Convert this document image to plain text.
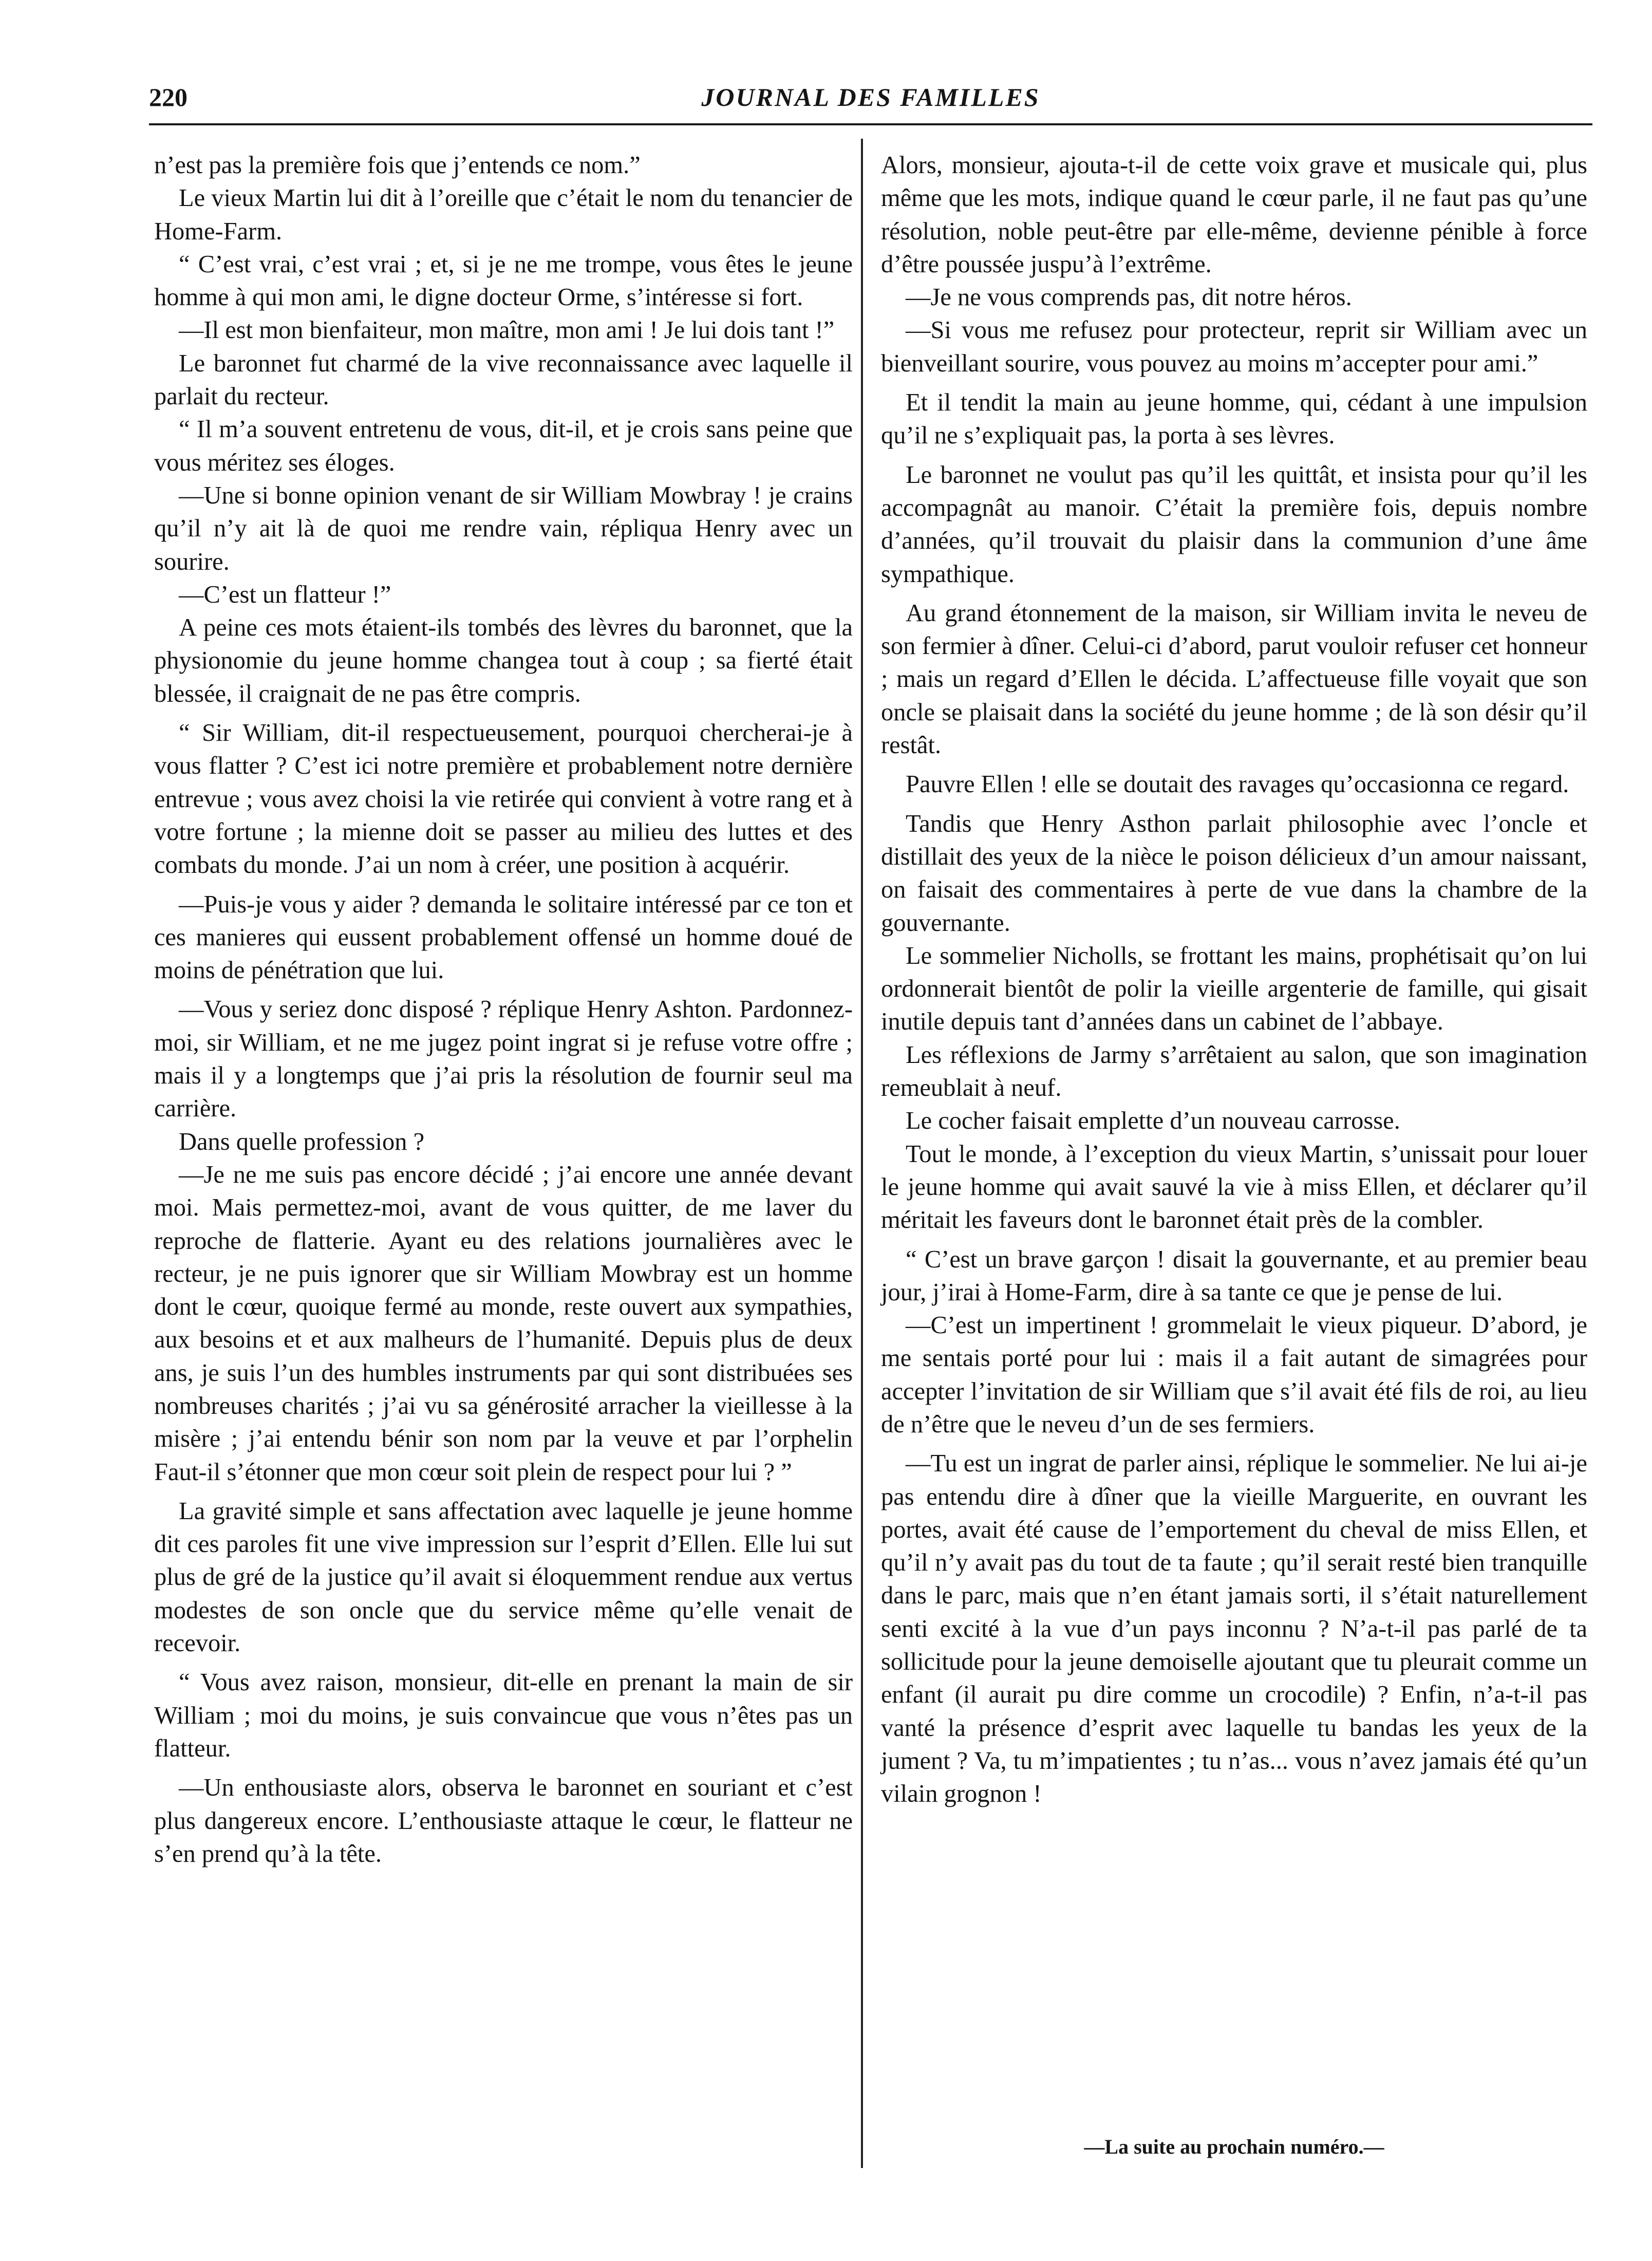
220	JOURNAL DES FAMILLES

n’est pas la première fois que j’entends ce nom.”

Le vieux Martin lui dit à l’oreille que c’était le nom du tenancier de Home-Farm.

“ C’est vrai, c’est vrai ; et, si je ne me trompe, vous êtes le jeune homme à qui mon ami, le digne docteur Orme, s’intéresse si fort.

—Il est mon bienfaiteur, mon maître, mon ami ! Je lui dois tant !”

Le baronnet fut charmé de la vive reconnaissance avec laquelle il parlait du recteur.

“ Il m’a souvent entretenu de vous, dit-il, et je crois sans peine que vous méritez ses éloges.

—Une si bonne opinion venant de sir William Mowbray ! je crains qu’il n’y ait là de quoi me rendre vain, répliqua Henry avec un sourire.

—C’est un flatteur !”

A peine ces mots étaient-ils tombés des lèvres du baronnet, que la physionomie du jeune homme changea tout à coup ; sa fierté était blessée, il craignait de ne pas être compris.

“ Sir William, dit-il respectueusement, pourquoi chercherai-je à vous flatter ? C’est ici notre première et probablement notre dernière entrevue ; vous avez choisi la vie retirée qui convient à votre rang et à votre fortune ; la mienne doit se passer au milieu des luttes et des combats du monde. J’ai un nom à créer, une position à acquérir.

—Puis-je vous y aider ? demanda le solitaire intéressé par ce ton et ces manieres qui eussent probablement offensé un homme doué de moins de pénétration que lui.

—Vous y seriez donc disposé ? réplique Henry Ashton. Pardonnez-moi, sir William, et ne me jugez point ingrat si je refuse votre offre ; mais il y a longtemps que j’ai pris la résolution de fournir seul ma carrière.

Dans quelle profession ?

—Je ne me suis pas encore décidé ; j’ai encore une année devant moi. Mais permettez-moi, avant de vous quitter, de me laver du reproche de flatterie. Ayant eu des relations journalières avec le recteur, je ne puis ignorer que sir William Mowbray est un homme dont le cœur, quoique fermé au monde, reste ouvert aux sympathies, aux besoins et et aux malheurs de l’humanité. Depuis plus de deux ans, je suis l’un des humbles instruments par qui sont distribuées ses nombreuses charités ; j’ai vu sa générosité arracher la vieillesse à la misère ; j’ai entendu bénir son nom par la veuve et par l’orphelin Faut-il s’étonner que mon cœur soit plein de respect pour lui ? ”

La gravité simple et sans affectation avec laquelle je jeune homme dit ces paroles fit une vive impression sur l’esprit d’Ellen. Elle lui sut plus de gré de la justice qu’il avait si éloquemment rendue aux vertus modestes de son oncle que du service même qu’elle venait de recevoir.

“ Vous avez raison, monsieur, dit-elle en prenant la main de sir William ; moi du moins, je suis convaincue que vous n’êtes pas un flatteur.

—Un enthousiaste alors, observa le baronnet en souriant et c’est plus dangereux encore. L’enthousiaste attaque le cœur, le flatteur ne s’en prend qu’à la tête.

Alors, monsieur, ajouta-t-il de cette voix grave et musicale qui, plus même que les mots, indique quand le cœur parle, il ne faut pas qu’une résolution, noble peut-être par elle-même, devienne pénible à force d’être poussée juspu’à l’extrême.

—Je ne vous comprends pas, dit notre héros.

—Si vous me refusez pour protecteur, reprit sir William avec un bienveillant sourire, vous pouvez au moins m’accepter pour ami.”

Et il tendit la main au jeune homme, qui, cédant à une impulsion qu’il ne s’expliquait pas, la porta à ses lèvres.

Le baronnet ne voulut pas qu’il les quittât, et insista pour qu’il les accompagnât au manoir. C’était la première fois, depuis nombre d’années, qu’il trouvait du plaisir dans la communion d’une âme sympathique.

Au grand étonnement de la maison, sir William invita le neveu de son fermier à dîner. Celui-ci d’abord, parut vouloir refuser cet honneur ; mais un regard d’Ellen le décida. L’affectueuse fille voyait que son oncle se plaisait dans la société du jeune homme ; de là son désir qu’il restât.

Pauvre Ellen ! elle se doutait des ravages qu’occasionna ce regard.

Tandis que Henry Asthon parlait philosophie avec l’oncle et distillait des yeux de la nièce le poison délicieux d’un amour naissant, on faisait des commentaires à perte de vue dans la chambre de la gouvernante.

Le sommelier Nicholls, se frottant les mains, prophétisait qu’on lui ordonnerait bientôt de polir la vieille argenterie de famille, qui gisait inutile depuis tant d’années dans un cabinet de l’abbaye.

Les réflexions de Jarmy s’arrêtaient au salon, que son imagination remeublait à neuf.

Le cocher faisait emplette d’un nouveau carrosse.

Tout le monde, à l’exception du vieux Martin, s’unissait pour louer le jeune homme qui avait sauvé la vie à miss Ellen, et déclarer qu’il méritait les faveurs dont le baronnet était près de la combler.

“ C’est un brave garçon ! disait la gouvernante, et au premier beau jour, j’irai à Home-Farm, dire à sa tante ce que je pense de lui.

—C’est un impertinent ! grommelait le vieux piqueur. D’abord, je me sentais porté pour lui : mais il a fait autant de simagrées pour accepter l’invitation de sir William que s’il avait été fils de roi, au lieu de n’être que le neveu d’un de ses fermiers.

—Tu est un ingrat de parler ainsi, réplique le sommelier. Ne lui ai-je pas entendu dire à dîner que la vieille Marguerite, en ouvrant les portes, avait été cause de l’emportement du cheval de miss Ellen, et qu’il n’y avait pas du tout de ta faute ; qu’il serait resté bien tranquille dans le parc, mais que n’en étant jamais sorti, il s’était naturellement senti excité à la vue d’un pays inconnu ? N’a-t-il pas parlé de ta sollicitude pour la jeune demoiselle ajoutant que tu pleurait comme un enfant (il aurait pu dire comme un crocodile) ? Enfin, n’a-t-il pas vanté la présence d’esprit avec laquelle tu bandas les yeux de la jument ? Va, tu m’impatientes ; tu n’as... vous n’avez jamais été qu’un vilain grognon !

—La suite au prochain numéro.—
